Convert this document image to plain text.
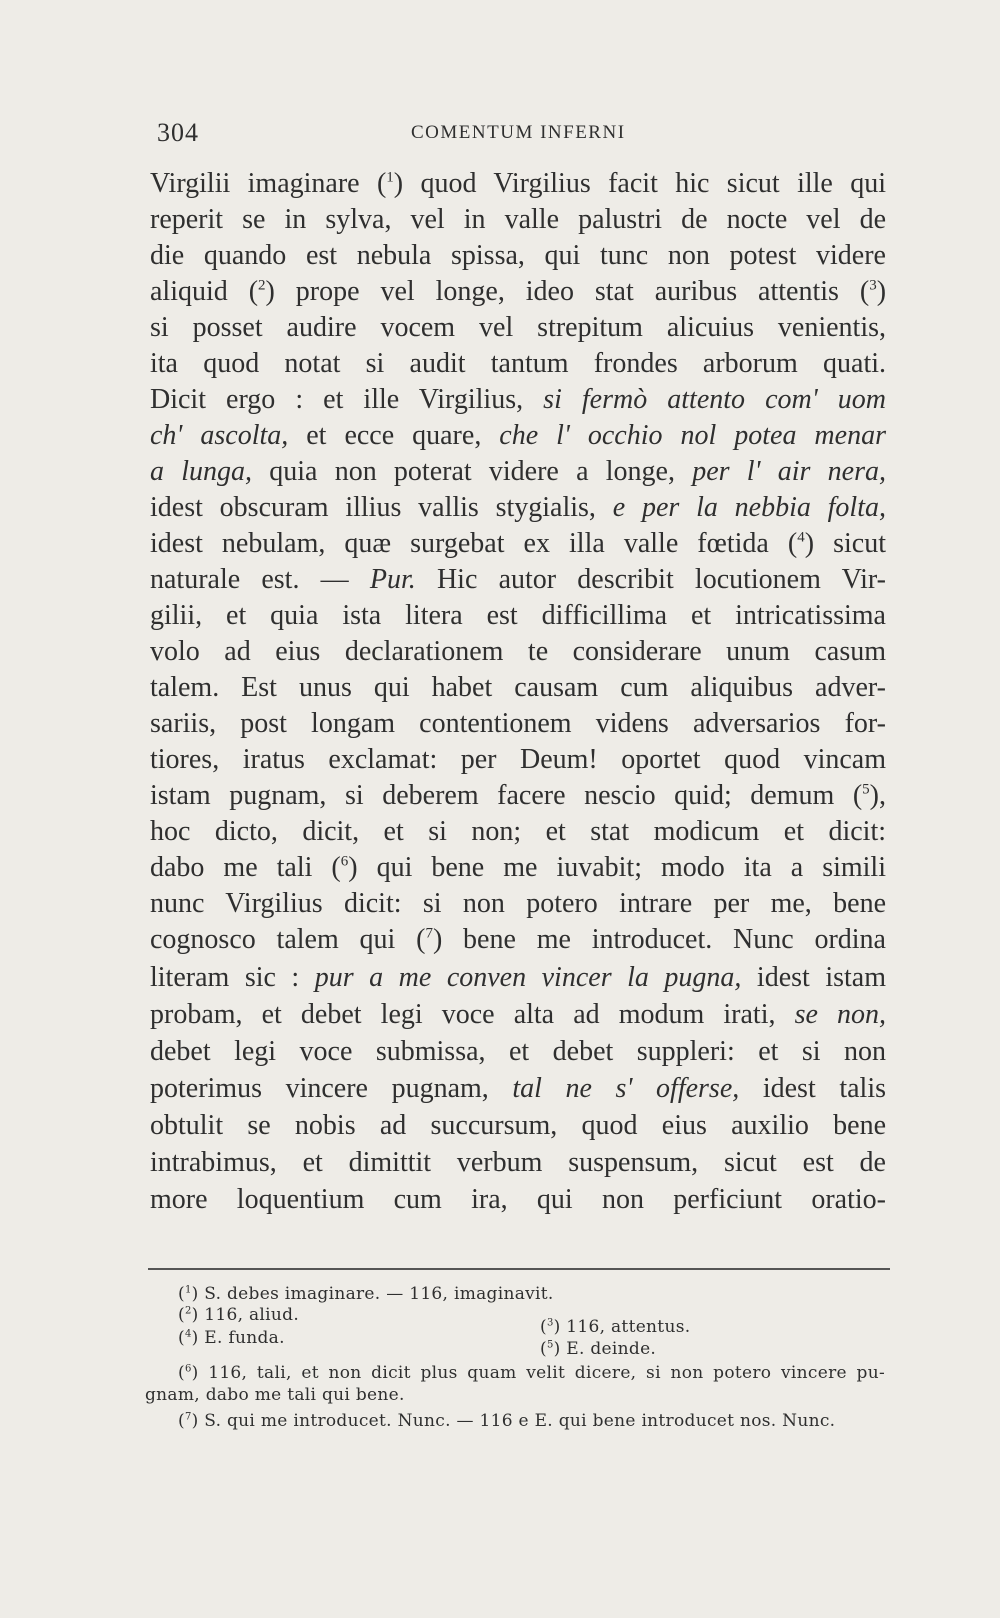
304	COMENTUM INFERNI
Virgilii imaginare ($^1$) quod Virgilius facit hic sicut ille qui
reperit se in sylva, vel in valle palustri de nocte vel de
die quando est nebula spissa, qui tunc non potest videre
aliquid ($^2$) prope vel longe, ideo stat auribus attentis ($^3$)
si posset audire vocem vel strepitum alicuius venientis,
ita quod notat si audit tantum frondes arborum quati.
Dicit ergo : et ille Virgilius, si fermò attento com' uom
ch' ascolta, et ecce quare, che l' occhio nol potea menar
a lunga, quia non poterat videre a longe, per l' air nera,
idest obscuram illius vallis stygialis, e per la nebbia folta,
idest nebulam, quæ surgebat ex illa valle fœtida ($^4$) sicut
naturale est. — Pur. Hic autor describit locutionem Vir-
gilii, et quia ista litera est difficillima et intricatissima
volo ad eius declarationem te considerare unum casum
talem. Est unus qui habet causam cum aliquibus adver-
sariis, post longam contentionem videns adversarios for-
tiores, iratus exclamat: per Deum! oportet quod vincam
istam pugnam, si deberem facere nescio quid; demum ($^5$),
hoc dicto, dicit, et si non; et stat modicum et dicit:
dabo me tali ($^6$) qui bene me iuvabit; modo ita a simili
nunc Virgilius dicit: si non potero intrare per me, bene
cognosco talem qui ($^7$) bene me introducet. Nunc ordina
literam sic : pur a me conven vincer la pugna, idest istam
probam, et debet legi voce alta ad modum irati, se non,
debet legi voce submissa, et debet suppleri: et si non
poterimus vincere pugnam, tal ne s' offerse, idest talis
obtulit se nobis ad succursum, quod eius auxilio bene
intrabimus, et dimittit verbum suspensum, sicut est de
more loquentium cum ira, qui non perficiunt oratio-
($^1$) S. debes imaginare. — 116, imaginavit.
($^2$) 116, aliud.
($^3$) 116, attentus.
($^4$) E. funda.
($^5$) E. deinde.
($^6$) 116, tali, et non dicit plus quam velit dicere, si non potero vincere pu-
gnam, dabo me tali qui bene.
($^7$) S. qui me introducet. Nunc. — 116 e E. qui bene introducet nos. Nunc.
